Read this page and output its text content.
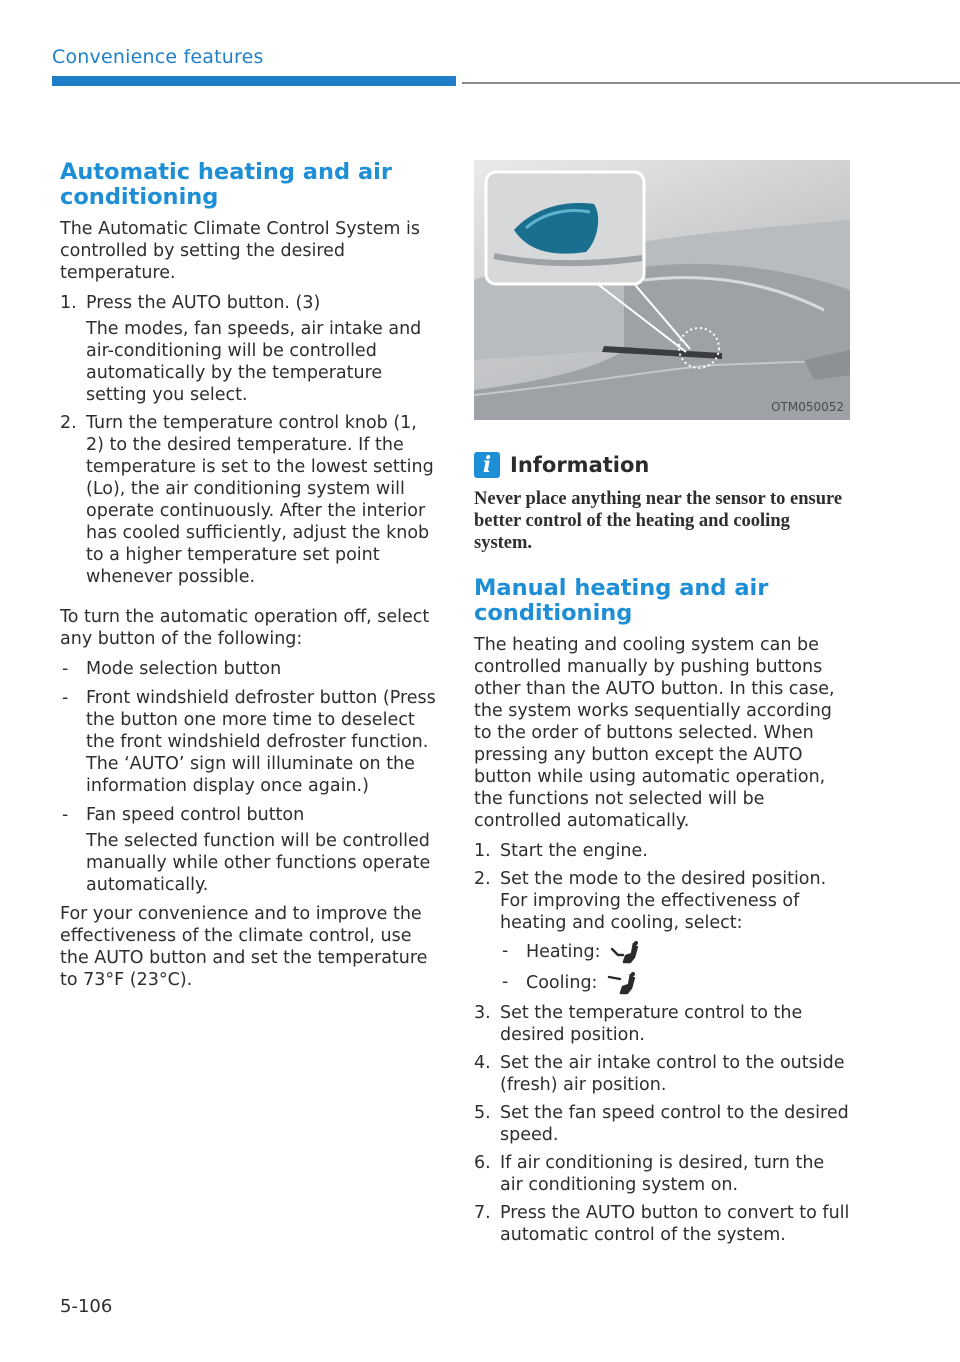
Convenience features
Automatic heating and air conditioning

The Automatic Climate Control System is controlled by setting the desired temperature.

1. Press the AUTO button. (3)
The modes, fan speeds, air intake and air-conditioning will be controlled automatically by the temperature setting you select.
2. Turn the temperature control knob (1, 2) to the desired temperature. If the temperature is set to the lowest setting (Lo), the air conditioning system will operate continuously. After the interior has cooled sufficiently, adjust the knob to a higher temperature set point whenever possible.

To turn the automatic operation off, select any button of the following:

- Mode selection button
- Front windshield defroster button (Press the button one more time to deselect the front windshield defroster function. The ‘AUTO’ sign will illuminate on the information display once again.)
- Fan speed control button
The selected function will be controlled manually while other functions operate automatically.

For your convenience and to improve the effectiveness of the climate control, use the AUTO button and set the temperature to 73°F (23°C).

OTM050052
i Information

Never place anything near the sensor to ensure better control of the heating and cooling system.

Manual heating and air conditioning

The heating and cooling system can be controlled manually by pushing buttons other than the AUTO button. In this case, the system works sequentially according to the order of buttons selected. When pressing any button except the AUTO button while using automatic operation, the functions not selected will be controlled automatically.

1. Start the engine.
2. Set the mode to the desired position. For improving the effectiveness of heating and cooling, select:
- Heating:
- Cooling:
3. Set the temperature control to the desired position.
4. Set the air intake control to the outside (fresh) air position.
5. Set the fan speed control to the desired speed.
6. If air conditioning is desired, turn the air conditioning system on.
7. Press the AUTO button to convert to full automatic control of the system.
5-106
